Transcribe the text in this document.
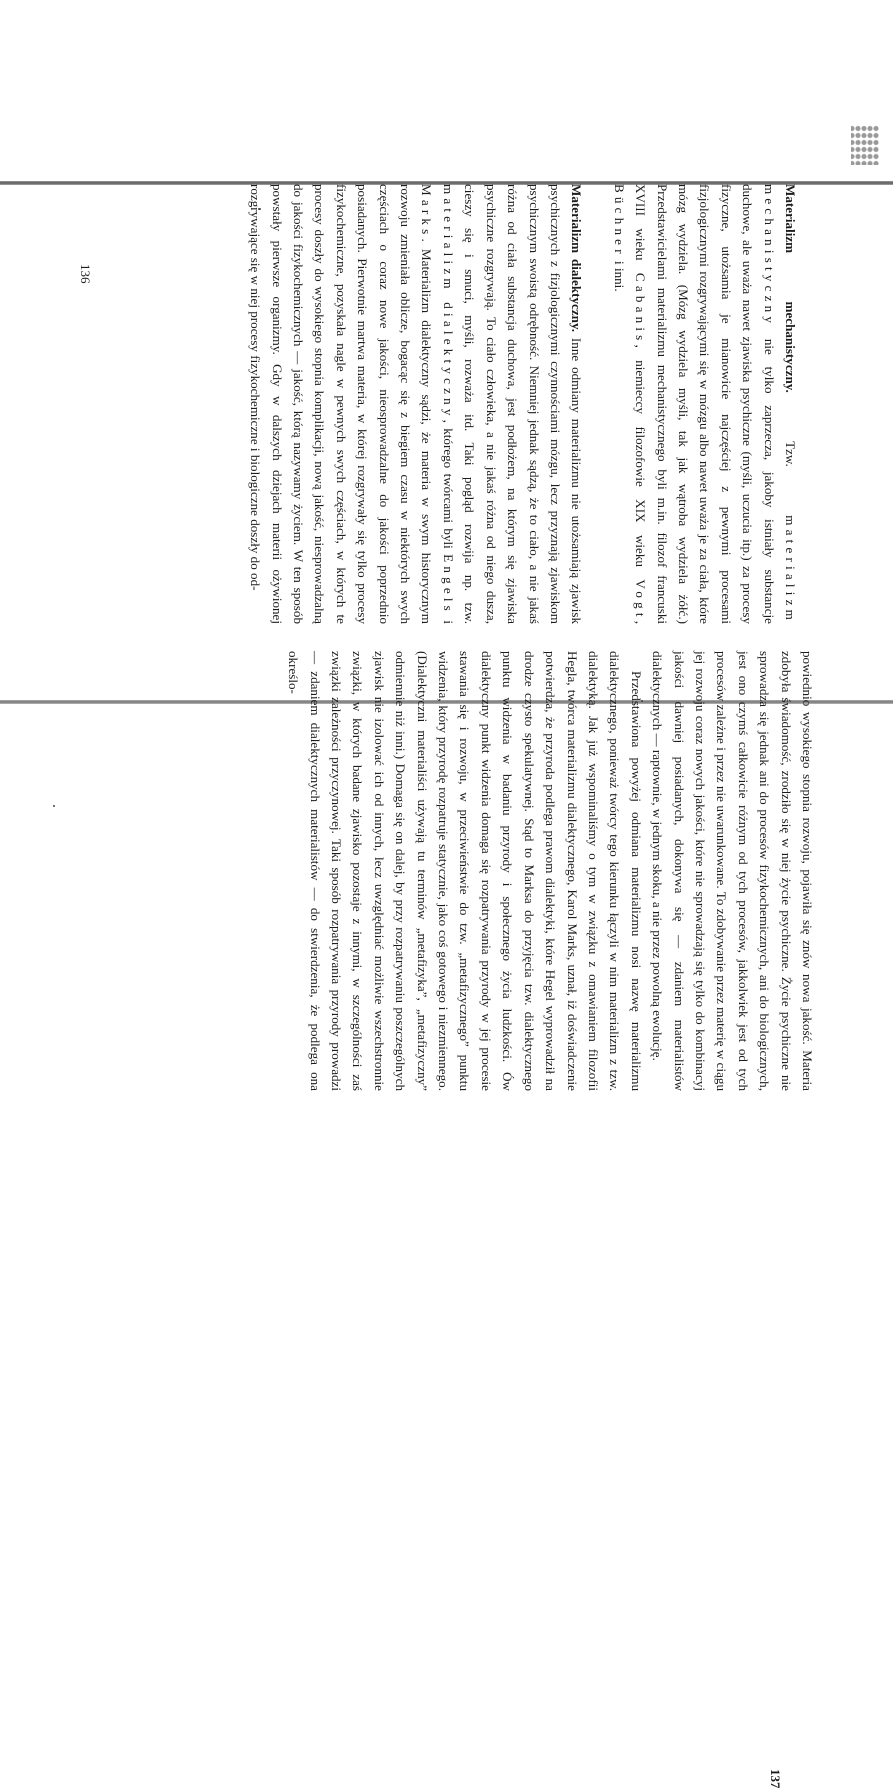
Materializm mechanistyczny. Tzw. materializm mechanistyczny nie tylko zaprzecza, jakoby istniały substancje duchowe, ale uważa nawet zjawiska psychiczne (myśli, uczucia itp.) za procesy fizyczne, utożsamia je mianowicie najczęściej z pewnymi procesami fizjologicznymi rozgrywającymi się w mózgu albo nawet uważa je za ciała, które mózg wydziela. (Mózg wydziela myśli, tak jak wątroba wydziela żółć.) Przedstawicielami materializmu mechanistycznego byli m.in. filozof francuski XVIII wieku Cabanis, niemieccy filozofowie XIX wieku Vogt, Büchner i inni.

Materializm dialektyczny. Inne odmiany materializmu nie utożsamiają zjawisk psychicznych z fizjologicznymi czynnościami mózgu, lecz przyznają zjawiskom psychicznym swoistą odrębność. Niemniej jednak sądzą, że to ciało, a nie jakaś różna od ciała substancja duchowa, jest podłożem, na którym się zjawiska psychiczne rozgrywają. To ciało człowieka, a nie jakaś różna od niego dusza, cieszy się i smuci, myśli, rozważa itd. Taki pogląd rozwija np. tzw. materializm dialektyczny, którego twórcami byli Engels i Marks. Materializm dialektyczny sądzi, że materia w swym historycznym rozwoju zmieniała oblicze, bogacąc się z biegiem czasu w niektórych swych częściach o coraz nowe jakości, nieosprowadzalne do jakości poprzednio posiadanych. Pierwotnie martwa materia, w której rozgrywały się tylko procesy fizykochemiczne, pozyskała nagle w pewnych swych częściach, w których te procesy doszły do wysokiego stopnia komplikacji, nową jakość, niesprowadzalną do jakości fizykochemicznych — jakość, którą nazywamy życiem. W ten sposób powstały pierwsze organizmy. Gdy w dalszych dziejach materii ożywionej rozgrywające się w niej procesy fizykochemiczne i biologiczne doszły do od-

136

powiednio wysokiego stopnia rozwoju, pojawiła się znów nowa jakość. Materia zdobyła świadomość, zrodziło się w niej życie psychiczne. Życie psychiczne nie sprowadza się jednak ani do procesów fizykochemicznych, ani do biologicznych, jest ono czymś całkowicie różnym od tych procesów, jakkolwiek jest od tych procesów zależne i przez nie uwarunkowane. To zdobywanie przez materię w ciągu jej rozwoju coraz nowych jakości, które nie sprowadzają się tylko do kombinacyj jakości dawniej posiadanych, dokonywa się — zdaniem materialistów dialektycznych — raptownie, w jednym skoku, a nie przez powolną ewolucję.

Przedstawiona powyżej odmiana materializmu nosi nazwę materializmu dialektycznego, ponieważ twórcy tego kierunku łączyli w nim materializm z tzw. dialektyką. Jak już wspominaliśmy o tym w związku z omawianiem filozofii Hegla, twórca materializmu dialektycznego, Karol Marks, uznał, iż doświadczenie potwierdza, że przyroda podlega prawom dialektyki, które Hegel wyprowadził na drodze czysto spekulatywnej. Stąd to Marksa do przyjęcia tzw. dialektycznego punktu widzenia w badaniu przyrody i społecznego życia ludzkości. Ów dialektyczny punkt widzenia domaga się rozpatrywania przyrody w jej procesie stawania się i rozwoju, w przeciwieństwie do tzw. „metafizycznego” punktu widzenia, który przyrodę rozpatruje statycznie, jako coś gotowego i niezmiennego. (Dialektyczni materialiści używają tu terminów „metafizyka”, „metafizyczny” odmiennie niż inni.) Domaga się on dalej, by przy rozpatrywaniu poszczególnych zjawisk nie izolować ich od innych, lecz uwzględniać możliwie wszechstronnie związki, w których badane zjawisko pozostaje z innymi, w szczególności zaś związki zależności przyczynowej. Taki sposób rozpatrywania przyrody prowadzi — zdaniem dialektycznych materialistów — do stwierdzenia, że podlega ona określo-

137
